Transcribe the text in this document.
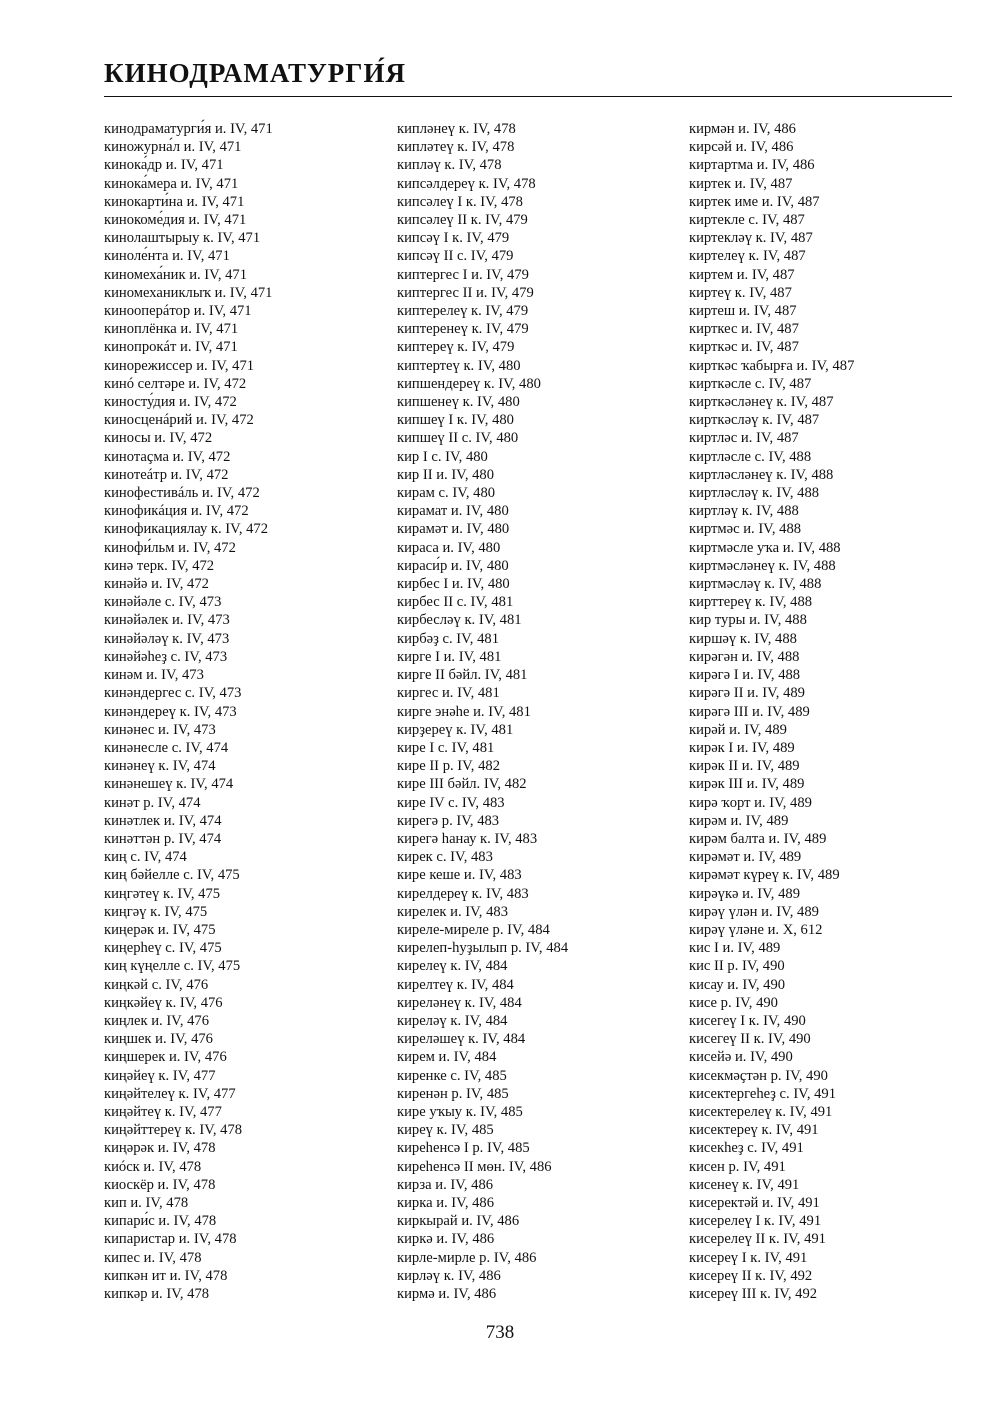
КИНОДРАМАТУРГИ́Я
кинодраматурги́я и. IV, 471
киножурна́л и. IV, 471
кинока́др и. IV, 471
кинока́мера и. IV, 471
кинокарти́на и. IV, 471
кинокоме́дия и. IV, 471
кинолаштырыу к. IV, 471
киноле́нта и. IV, 471
киномеха́ник и. IV, 471
киномеханиклыҡ и. IV, 471
кинооперáтор и. IV, 471
киноплёнка и. IV, 471
кинопрокáт и. IV, 471
кинорежиссер и. IV, 471
кинó селтәре и. IV, 472
киносту́дия и. IV, 472
киносценáрий и. IV, 472
киносы и. IV, 472
кинотаҫма и. IV, 472
кинотеáтр и. IV, 472
кинофестивáль и. IV, 472
кинофикáция и. IV, 472
кинофикациялау к. IV, 472
кинофи́льм и. IV, 472
кинә терк. IV, 472
кинәйә и. IV, 472
кинәйәле с. IV, 473
кинәйәлек и. IV, 473
кинәйәләү к. IV, 473
кинәйәһеҙ с. IV, 473
кинәм и. IV, 473
кинәндергес с. IV, 473
кинәндереү к. IV, 473
кинәнес и. IV, 473
кинәнесле с. IV, 474
кинәнеү к. IV, 474
кинәнешеү к. IV, 474
кинәт р. IV, 474
кинәтлек и. IV, 474
кинәттән р. IV, 474
киң с. IV, 474
киң бәйелле с. IV, 475
киңгәтеү к. IV, 475
киңгәү к. IV, 475
киңерәк и. IV, 475
киңерһеү с. IV, 475
киң күңелле с. IV, 475
киңкәй с. IV, 476
киңкәйеү к. IV, 476
киңлек и. IV, 476
киңшек и. IV, 476
киңшерек и. IV, 476
киңәйеү к. IV, 477
киңәйтелеү к. IV, 477
киңәйтеү к. IV, 477
киңәйттереү к. IV, 478
киңәрәк и. IV, 478
киóск и. IV, 478
киоскёр и. IV, 478
кип и. IV, 478
кипари́с и. IV, 478
кипаристар и. IV, 478
кипес и. IV, 478
кипкән ит и. IV, 478
кипкәр и. IV, 478
кипләнеү к. IV, 478
кипләтеү к. IV, 478
кипләү к. IV, 478
кипсәлдереү к. IV, 478
кипсәлеү I к. IV, 478
кипсәлеү II к. IV, 479
кипсәү I к. IV, 479
кипсәү II с. IV, 479
киптергес I и. IV, 479
киптергес II и. IV, 479
киптерелеү к. IV, 479
киптеренеү к. IV, 479
киптереү к. IV, 479
киптертеү к. IV, 480
кипшендереү к. IV, 480
кипшенеү к. IV, 480
кипшеү I к. IV, 480
кипшеү II с. IV, 480
кир I с. IV, 480
кир II и. IV, 480
кирам с. IV, 480
кирамат и. IV, 480
кирамәт и. IV, 480
кираса и. IV, 480
кираси́р и. IV, 480
кирбес I и. IV, 480
кирбес II с. IV, 481
кирбесләү к. IV, 481
кирбәҙ с. IV, 481
кирге I и. IV, 481
кирге II бәйл. IV, 481
киргес и. IV, 481
кирге энәһе и. IV, 481
кирҙереү к. IV, 481
кире I с. IV, 481
кире II р. IV, 482
кире III бәйл. IV, 482
кире IV с. IV, 483
кирегә р. IV, 483
кирегә һанау к. IV, 483
кирек с. IV, 483
кире кеше и. IV, 483
кирелдереү к. IV, 483
кирелек и. IV, 483
киреле-миреле р. IV, 484
кирелеп-һуҙылып р. IV, 484
кирелеү к. IV, 484
кирелтеү к. IV, 484
киреләнеү к. IV, 484
киреләү к. IV, 484
киреләшеү к. IV, 484
кирем и. IV, 484
киренке с. IV, 485
киренән р. IV, 485
кире уҡыу к. IV, 485
киреү к. IV, 485
киреһенсә I р. IV, 485
киреһенсә II мөн. IV, 486
кирза и. IV, 486
кирка и. IV, 486
киркырай и. IV, 486
киркә и. IV, 486
кирле-мирле р. IV, 486
кирләү к. IV, 486
кирмә и. IV, 486
кирмән и. IV, 486
кирсәй и. IV, 486
киртартма и. IV, 486
киртек и. IV, 487
киртек име и. IV, 487
киртекле с. IV, 487
киртекләү к. IV, 487
киртелеү к. IV, 487
киртем и. IV, 487
киртеү к. IV, 487
киртеш и. IV, 487
кирткес и. IV, 487
кирткәс и. IV, 487
кирткәс ҡабырға и. IV, 487
кирткәсле с. IV, 487
кирткәсләнеү к. IV, 487
кирткәсләү к. IV, 487
киртләс и. IV, 487
киртләсле с. IV, 488
киртләсләнеү к. IV, 488
киртләсләү к. IV, 488
киртләү к. IV, 488
киртмәс и. IV, 488
киртмәсле уҡа и. IV, 488
киртмәсләнеү к. IV, 488
киртмәсләү к. IV, 488
кирттереү к. IV, 488
кир туры и. IV, 488
киршәү к. IV, 488
кирәгән и. IV, 488
кирәгә I и. IV, 488
кирәгә II и. IV, 489
кирәгә III и. IV, 489
кирәй и. IV, 489
кирәк I и. IV, 489
кирәк II и. IV, 489
кирәк III и. IV, 489
кирә ҡорт и. IV, 489
кирәм и. IV, 489
кирәм балта и. IV, 489
кирәмәт и. IV, 489
кирәмәт күреү к. IV, 489
кирәүкә и. IV, 489
кирәү үлән и. IV, 489
кирәү үләне и. X, 612
кис I и. IV, 489
кис II р. IV, 490
кисау и. IV, 490
кисе р. IV, 490
кисегеү I к. IV, 490
кисегеү II к. IV, 490
кисейә и. IV, 490
кисекмәҫтән р. IV, 490
кисектергеһеҙ с. IV, 491
кисектерелеү к. IV, 491
кисектереү к. IV, 491
кисекһеҙ с. IV, 491
кисен р. IV, 491
кисенеү к. IV, 491
кисеректәй и. IV, 491
кисерелеү I к. IV, 491
кисерелеү II к. IV, 491
кисереү I к. IV, 491
кисереү II к. IV, 492
кисереү III к. IV, 492
738
